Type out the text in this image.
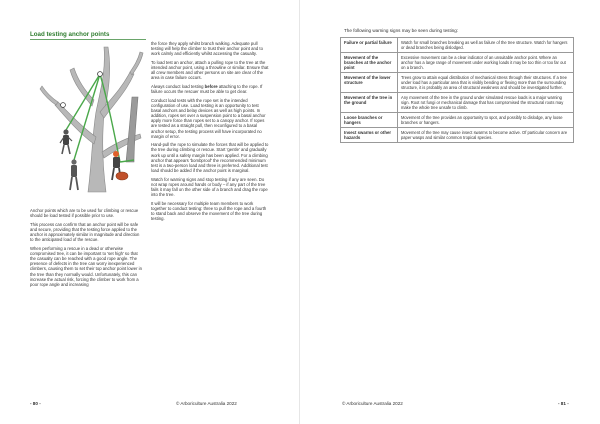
Load testing anchor points

Anchor points which are to be used for climbing or rescue should be load tested if possible prior to use.

This process can confirm that an anchor point will be safe and secure, providing that the testing force applied to the anchor is approximately similar in magnitude and direction to the anticipated load of the rescue.

When performing a rescue in a dead or otherwise compromised tree, it can be important to 'set high' so that the casualty can be reached with a good rope angle. The presence of defects in the tree can worry inexperienced climbers, causing them to set their top anchor point lower in the tree than they normally would. Unfortunately, this can increase the actual risk, forcing the climber to work from a poor rope angle and increasing

the force they apply whilst branch walking. Adequate pull testing will help the climber to trust their anchor point and to work calmly and efficiently whilst accessing the casualty.

To load test an anchor, attach a pulling rope to the tree at the intended anchor point, using a throwline or similar. Ensure that all crew members and other persons on site are clear of the area in case failure occurs.

Always conduct load testing before attaching to the rope. If failure occurs the rescuer must be able to get clear.

Conduct load tests with the rope set in the intended configuration of use. Load testing is an opportunity to test basal anchors and belay devices as well as high points. In addition, ropes set over a suspension point to a basal anchor apply more force than ropes set to a canopy anchor. If ropes are tested as a straight pull, then reconfigured to a basal anchor setup, the testing process will have incorporated no margin of error.

Hand-pull the rope to simulate the forces that will be applied to the tree during climbing or rescue. Start 'gentle' and gradually work up until a safety margin has been applied. For a climbing anchor that appears 'bombproof' the recommended minimum test is a two-person load and three is preferred. Additional test load should be added if the anchor point is marginal.

Watch for warning signs and stop testing if any are seen. Do not wrap ropes around hands or body – if any part of the tree fails it may fall on the other side of a branch and drag the rope into the tree.

It will be necessary for multiple team members to work together to conduct testing: three to pull the rope and a fourth to stand back and observe the movement of the tree during testing.

- 80 -	© Arboriculture Australia 2022
The following warning signs may be seen during testing:
Failure or partial failure	Watch for small branches breaking as well as failure of the tree structure. Watch for hangers or dead branches being dislodged.
Movement of the branches at the anchor point	Excessive movement can be a clear indicator of an unsuitable anchor point. Where an anchor has a large range of movement under working loads it may be too thin or too far out on a branch.
Movement of the lower structure	Trees grow to attain equal distribution of mechanical stress through their structures. If a tree under load has a particular area that is visibly bending or flexing more than the surrounding structure, it is probably an area of structural weakness and should be investigated further.
Movement of the tree in the ground	Any movement of the tree in the ground under simulated rescue loads is a major warning sign. Root rot fungi or mechanical damage that has compromised the structural roots may make the whole tree unsafe to climb.
Loose branches or hangers	Movement of the tree provides an opportunity to spot, and possibly to dislodge, any loose branches or hangers.
Insect swarms or other hazards	Movement of the tree may cause insect swarms to become active. Of particular concern are paper wasps and similar common tropical species.
© Arboriculture Australia 2022	- 81 -
